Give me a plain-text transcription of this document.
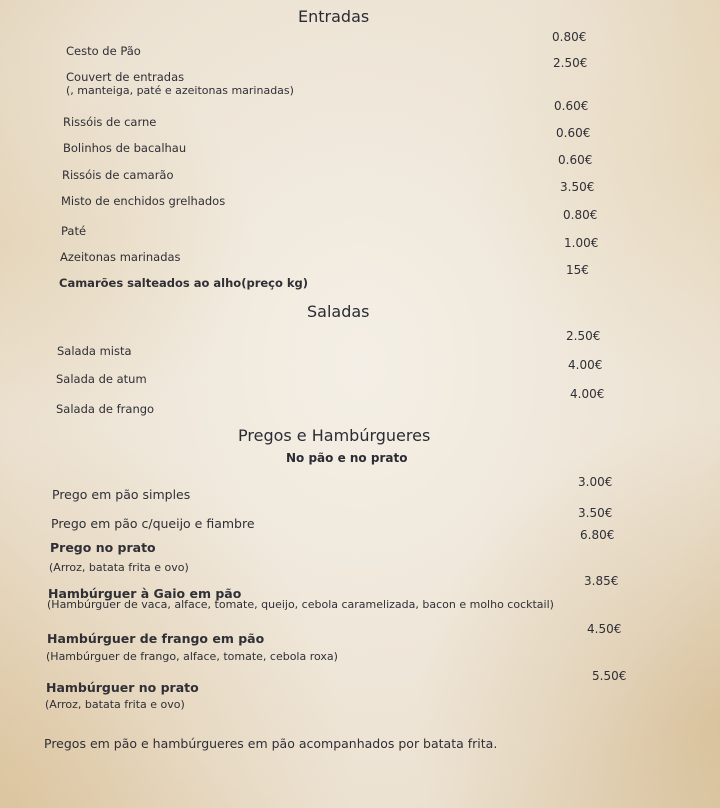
Entradas
Cesto de Pão
0.80€
Couvert de entradas
(, manteiga, paté e azeitonas marinadas)
2.50€
Rissóis de carne
0.60€
Bolinhos de bacalhau
0.60€
Rissóis de camarão
0.60€
Misto de enchidos grelhados
3.50€
Paté
0.80€
Azeitonas marinadas
1.00€
Camarões salteados ao alho(preço kg)
15€
Saladas
Salada mista
2.50€
Salada de atum
4.00€
Salada de frango
4.00€
Pregos e Hambúrgueres
No pão e no prato
Prego em pão simples
3.00€
Prego em pão c/queijo e fiambre
3.50€
Prego no prato
(Arroz, batata frita e ovo)
6.80€
Hambúrguer à Gaio em pão
(Hambúrguer de vaca, alface, tomate, queijo, cebola caramelizada, bacon e molho cocktail)
3.85€
Hambúrguer de frango em pão
(Hambúrguer de frango, alface, tomate, cebola roxa)
4.50€
Hambúrguer no prato
(Arroz, batata frita e ovo)
5.50€
Pregos em pão e hambúrgueres em pão acompanhados por batata frita.
